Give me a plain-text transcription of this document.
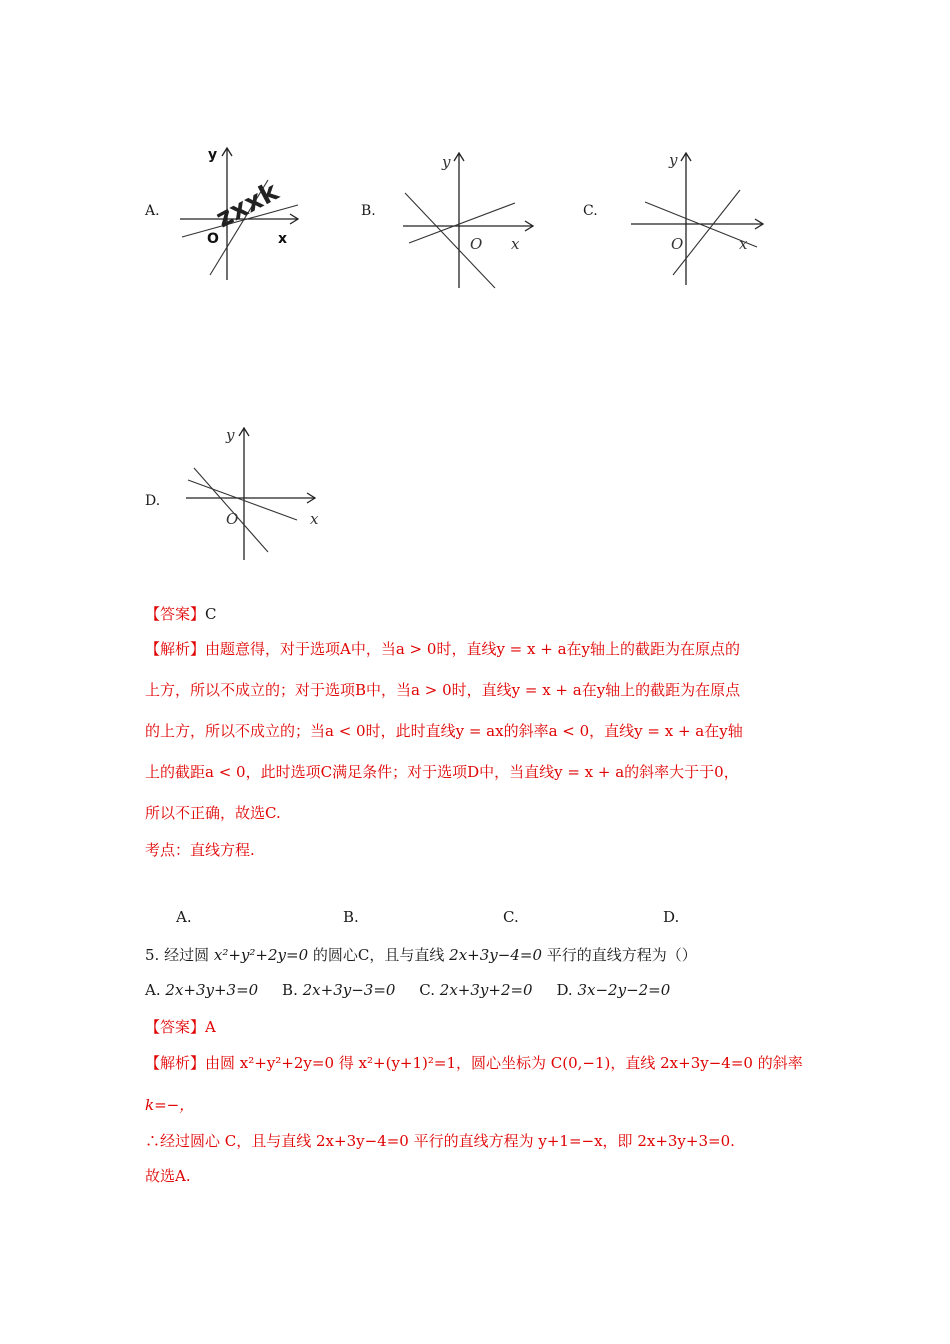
A. zxxk
y
x
O
B.
y
x
O
C.
y
x
O
D.
y
x
O
【答案】C
【解析】由题意得，对于选项A中，当a > 0时，直线y = x + a在y轴上的截距为在原点的
上方，所以不成立的；对于选项B中，当a > 0时，直线y = x + a在y轴上的截距为在原点
的上方，所以不成立的；当a < 0时，此时直线y = ax的斜率a < 0，直线y = x + a在y轴
上的截距a < 0，此时选项C满足条件；对于选项D中，当直线y = x + a的斜率大于于0，
所以不正确，故选C.
考点：直线方程.
A.	B.	C.	D.
5. 经过圆 x²+y²+2y=0 的圆心C，且与直线 2x+3y−4=0 平行的直线方程为（）
A. 2x+3y+3=0 B. 2x+3y−3=0 C. 2x+3y+2=0 D. 3x−2y−2=0
【答案】A
【解析】由圆 x²+y²+2y=0 得 x²+(y+1)²=1，圆心坐标为 C(0,−1)，直线 2x+3y−4=0 的斜率
k=−，
∴经过圆心 C，且与直线 2x+3y−4=0 平行的直线方程为 y+1=−x，即 2x+3y+3=0.
故选A.
